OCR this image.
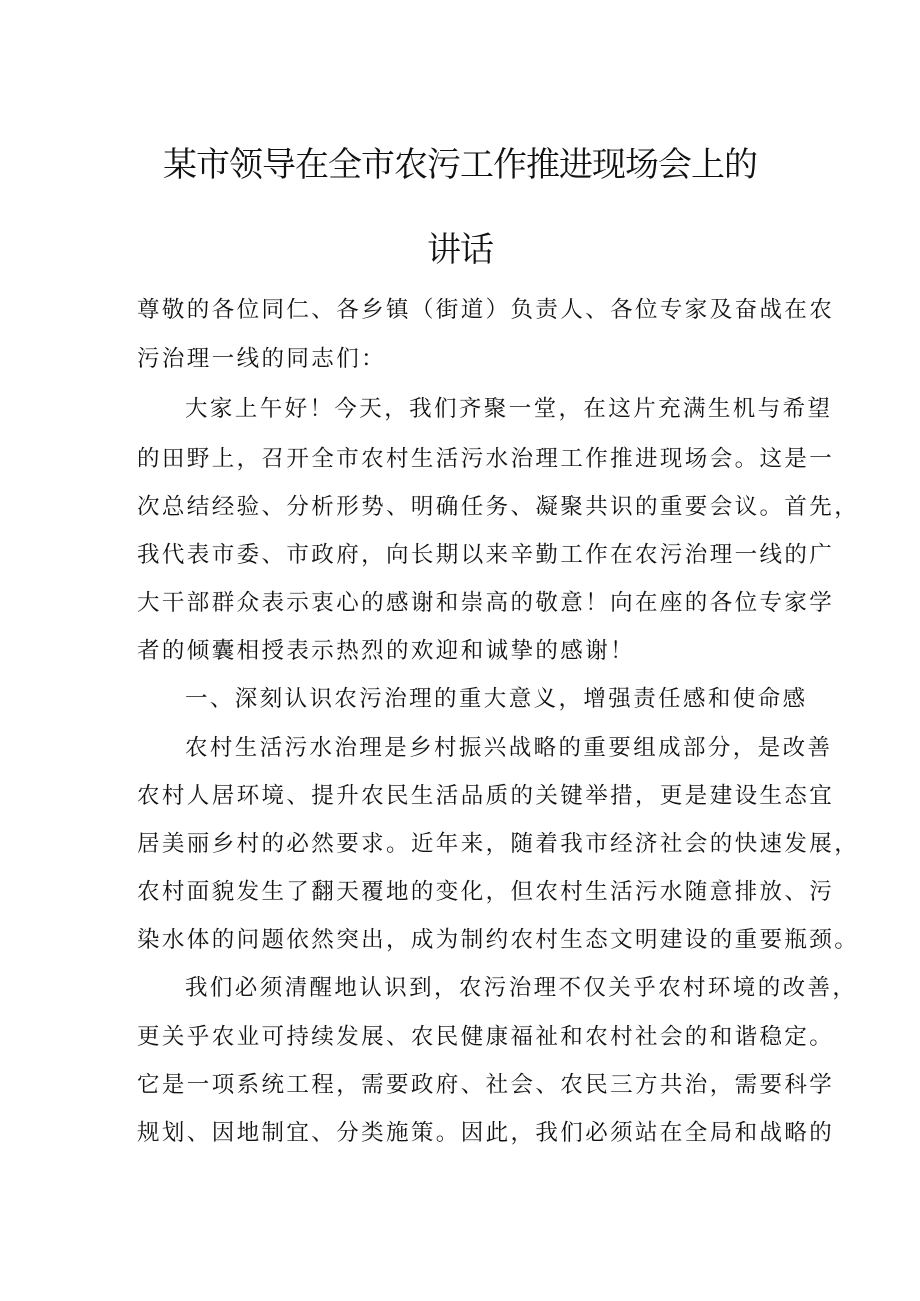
某市领导在全市农污工作推进现场会上的
讲话
尊敬的各位同仁、各乡镇（街道）负责人、各位专家及奋战在农
污治理一线的同志们：
大家上午好！今天，我们齐聚一堂，在这片充满生机与希望
的田野上，召开全市农村生活污水治理工作推进现场会。这是一
次总结经验、分析形势、明确任务、凝聚共识的重要会议。首先，
我代表市委、市政府，向长期以来辛勤工作在农污治理一线的广
大干部群众表示衷心的感谢和崇高的敬意！向在座的各位专家学
者的倾囊相授表示热烈的欢迎和诚挚的感谢！
一、深刻认识农污治理的重大意义，增强责任感和使命感
农村生活污水治理是乡村振兴战略的重要组成部分，是改善
农村人居环境、提升农民生活品质的关键举措，更是建设生态宜
居美丽乡村的必然要求。近年来，随着我市经济社会的快速发展，
农村面貌发生了翻天覆地的变化，但农村生活污水随意排放、污
染水体的问题依然突出，成为制约农村生态文明建设的重要瓶颈。
我们必须清醒地认识到，农污治理不仅关乎农村环境的改善，
更关乎农业可持续发展、农民健康福祉和农村社会的和谐稳定。
它是一项系统工程，需要政府、社会、农民三方共治，需要科学
规划、因地制宜、分类施策。因此，我们必须站在全局和战略的
